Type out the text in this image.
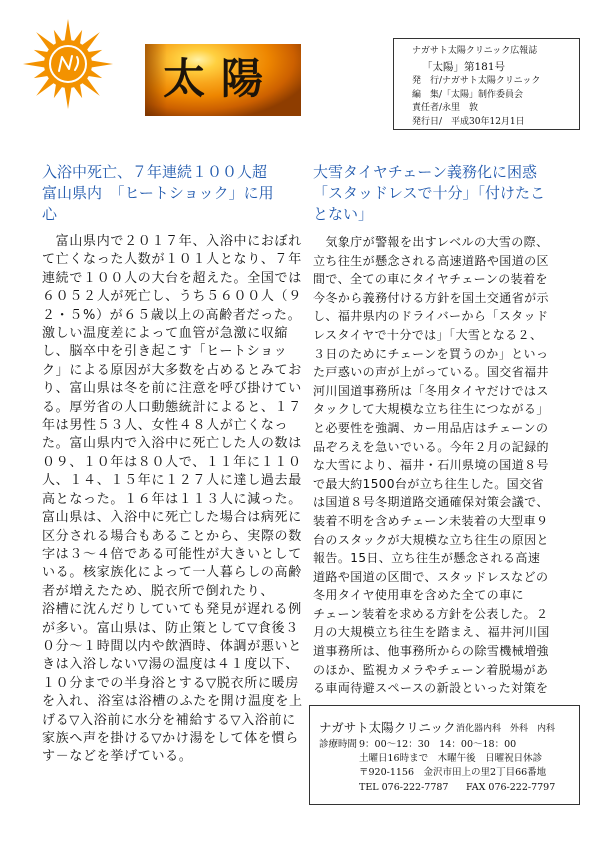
太陽
ナガサト太陽クリニック広報誌
「太陽」第181号
発　行/ナガサト太陽クリニック
編　集/「太陽」制作委員会
責任者/永里　敦
発行日/　平成30年12月1日
入浴中死亡、７年連続１００人超
富山県内　「ヒートショック」に用
心
　富山県内で２０１７年、入浴中におぼれ
て亡くなった人数が１０１人となり、７年
連続で１００人の大台を超えた。全国では
６０５２人が死亡し、うち５６００人（９
２・５%）が６５歳以上の高齢者だった。
激しい温度差によって血管が急激に収縮
し、脳卒中を引き起こす「ヒートショッ
ク」による原因が大多数を占めるとみてお
り、富山県は冬を前に注意を呼び掛けてい
る。厚労省の人口動態統計によると、１７
年は男性５３人、女性４８人が亡くなっ
た。富山県内で入浴中に死亡した人の数は
０９、１０年は８０人で、１１年に１１０
人、１４、１５年に１２７人に達し過去最
高となった。１６年は１１３人に減った。
富山県は、入浴中に死亡した場合は病死に
区分される場合もあることから、実際の数
字は３～４倍である可能性が大きいとして
いる。核家族化によって一人暮らしの高齢
者が増えたため、脱衣所で倒れたり、
浴槽に沈んだりしていても発見が遅れる例
が多い。富山県は、防止策として▽食後３
０分～１時間以内や飲酒時、体調が悪いと
きは入浴しない▽湯の温度は４１度以下、
１０分までの半身浴とする▽脱衣所に暖房
を入れ、浴室は浴槽のふたを開け温度を上
げる▽入浴前に水分を補給する▽入浴前に
家族へ声を掛ける▽かけ湯をして体を慣ら
す－などを挙げている。
大雪タイヤチェーン義務化に困惑
「スタッドレスで十分」「付けたこ
とない」
　気象庁が警報を出すレベルの大雪の際、
立ち往生が懸念される高速道路や国道の区
間で、全ての車にタイヤチェーンの装着を
今冬から義務付ける方針を国土交通省が示
し、福井県内のドライバーから「スタッド
レスタイヤで十分では」「大雪となる２、
３日のためにチェーンを買うのか」といっ
た戸惑いの声が上がっている。国交省福井
河川国道事務所は「冬用タイヤだけではス
タックして大規模な立ち往生につながる」
と必要性を強調、カー用品店はチェーンの
品ぞろえを急いでいる。今年２月の記録的
な大雪により、福井・石川県境の国道８号
で最大約1500台が立ち往生した。国交省
は国道８号冬期道路交通確保対策会議で、
装着不明を含めチェーン未装着の大型車９
台のスタックが大規模な立ち往生の原因と
報告。15日、立ち往生が懸念される高速
道路や国道の区間で、スタッドレスなどの
冬用タイヤ使用車を含めた全ての車に
チェーン装着を求める方針を公表した。２
月の大規模立ち往生を踏まえ、福井河川国
道事務所は、他事務所からの除雪機械増強
のほか、監視カメラやチェーン着脱場があ
る車両待避スペースの新設といった対策を
ナガサト太陽クリニック 消化器内科　外科　内科
診療時間 9：00～12：30　14：00～18：00
土曜日16時まで　木曜午後　日曜祝日休診
〒920-1156　金沢市田上の里2丁目66番地
TEL 076-222-7787 FAX 076-222-7797
